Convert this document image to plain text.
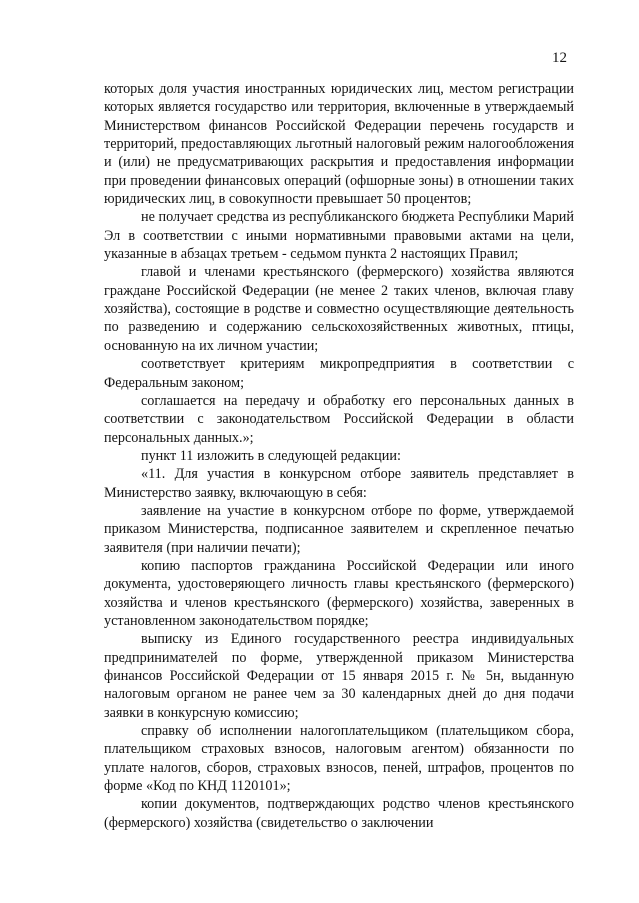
12

которых доля участия иностранных юридических лиц, местом регистрации которых является государство или территория, включенные в утверждаемый Министерством финансов Российской Федерации перечень государств и территорий, предоставляющих льготный налоговый режим налогообложения и (или) не предусматривающих раскрытия и предоставления информации при проведении финансовых операций (офшорные зоны) в отношении таких юридических лиц, в совокупности превышает 50 процентов;

не получает средства из республиканского бюджета Республики Марий Эл в соответствии с иными нормативными правовыми актами на цели, указанные в абзацах третьем - седьмом пункта 2 настоящих Правил;

главой и членами крестьянского (фермерского) хозяйства являются граждане Российской Федерации (не менее 2 таких членов, включая главу хозяйства), состоящие в родстве и совместно осуществляющие деятельность по разведению и содержанию сельскохозяйственных животных, птицы, основанную на их личном участии;

соответствует критериям микропредприятия в соответствии с Федеральным законом;

соглашается на передачу и обработку его персональных данных в соответствии с законодательством Российской Федерации в области персональных данных.»;

пункт 11 изложить в следующей редакции:

«11. Для участия в конкурсном отборе заявитель представляет в Министерство заявку, включающую в себя:

заявление на участие в конкурсном отборе по форме, утверждаемой приказом Министерства, подписанное заявителем и скрепленное печатью заявителя (при наличии печати);

копию паспортов гражданина Российской Федерации или иного документа, удостоверяющего личность главы крестьянского (фермерского) хозяйства и членов крестьянского (фермерского) хозяйства, заверенных в установленном законодательством порядке;

выписку из Единого государственного реестра индивидуальных предпринимателей по форме, утвержденной приказом Министерства финансов Российской Федерации от 15 января 2015 г. № 5н, выданную налоговым органом не ранее чем за 30 календарных дней до дня подачи заявки в конкурсную комиссию;

справку об исполнении налогоплательщиком (плательщиком сбора, плательщиком страховых взносов, налоговым агентом) обязанности по уплате налогов, сборов, страховых взносов, пеней, штрафов, процентов по форме «Код по КНД 1120101»;

копии документов, подтверждающих родство членов крестьянского (фермерского) хозяйства (свидетельство о заключении
